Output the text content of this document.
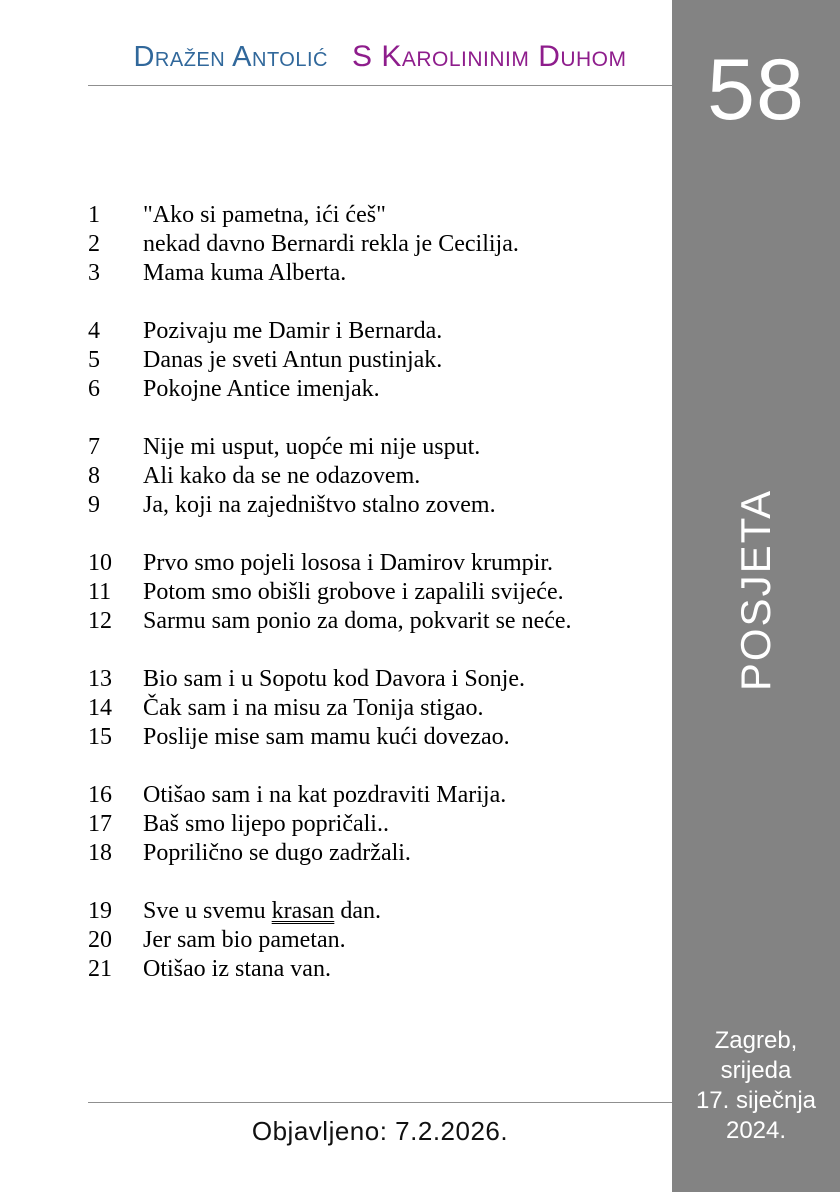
Dražen Antolić S Karolininim Duhom
1	"Ako si pametna, ići ćeš"
2	nekad davno Bernardi rekla je Cecilija.
3	Mama kuma Alberta.
4	Pozivaju me Damir i Bernarda.
5	Danas je sveti Antun pustinjak.
6	Pokojne Antice imenjak.
7	Nije mi usput, uopće mi nije usput.
8	Ali kako da se ne odazovem.
9	Ja, koji na zajedništvo stalno zovem.
10	Prvo smo pojeli lososa i Damirov krumpir.
11	Potom smo obišli grobove i zapalili svijeće.
12	Sarmu sam ponio za doma, pokvarit se neće.
13	Bio sam i u Sopotu kod Davora i Sonje.
14	Čak sam i na misu za Tonija stigao.
15	Poslije mise sam mamu kući dovezao.
16	Otišao sam i na kat pozdraviti Marija.
17	Baš smo lijepo popričali..
18	Poprilično se dugo zadržali.
19	Sve u svemu krasan dan.
20	Jer sam bio pametan.
21	Otišao iz stana van.
Objavljeno: 7.2.2026.
58
POSJETA
Zagreb,
srijeda
17. siječnja
2024.
